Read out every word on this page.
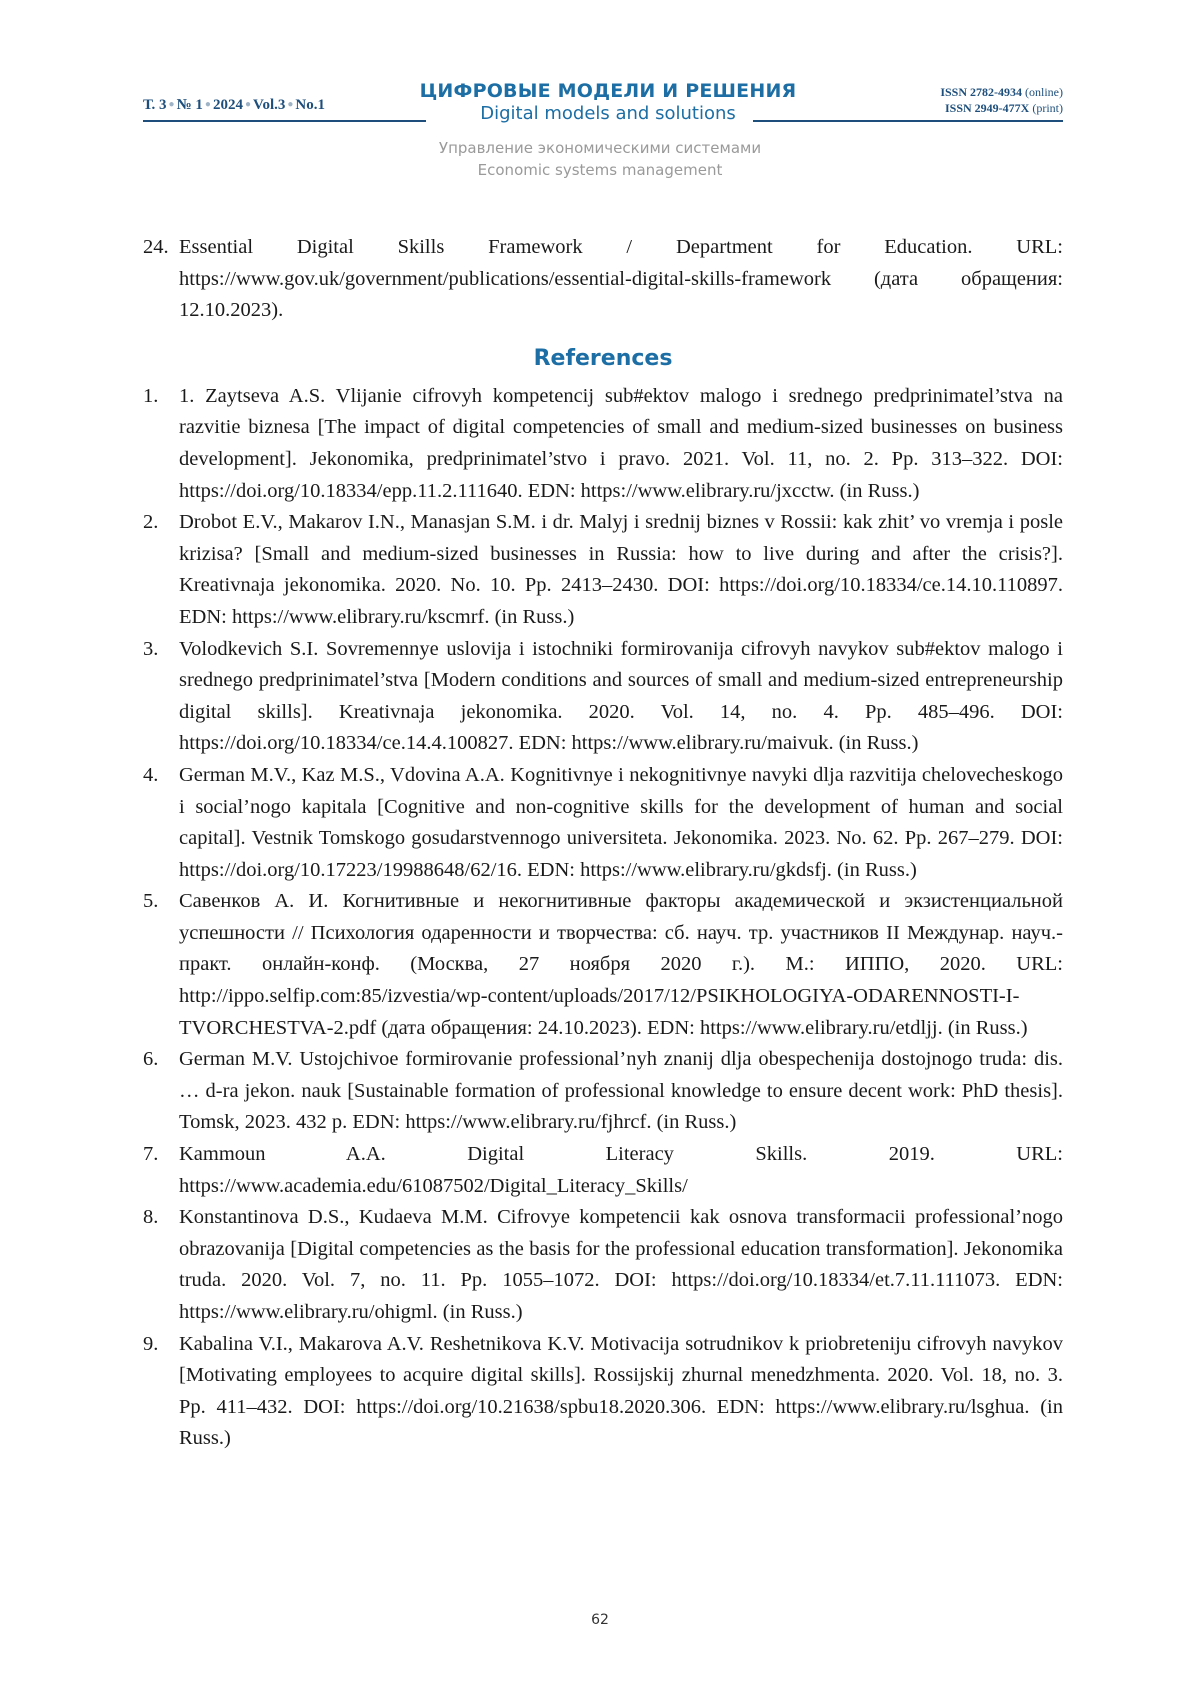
Т. 3 ● № 1 ● 2024 ● Vol.3 ● No.1
ЦИФРОВЫЕ МОДЕЛИ И РЕШЕНИЯ
Digital models and solutions
ISSN 2782-4934 (online)
ISSN 2949-477X (print)
Управление экономическими системами
Economic systems management
24. Essential Digital Skills Framework / Department for Education. URL: https://www.gov.uk/government/publications/essential-digital-skills-framework (дата обращения: 12.10.2023).
References
1. 1. Zaytseva A.S. Vlijanie cifrovyh kompetencij sub#ektov malogo i srednego predprinimatel’stva na razvitie biznesa [The impact of digital competencies of small and medium-sized businesses on business development]. Jekonomika, predprinimatel’stvo i pravo. 2021. Vol. 11, no. 2. Pp. 313–322. DOI: https://doi.org/10.18334/epp.11.2.111640. EDN: https://www.elibrary.ru/jxcctw. (in Russ.)
2. Drobot E.V., Makarov I.N., Manasjan S.M. i dr. Malyj i srednij biznes v Rossii: kak zhit’ vo vremja i posle krizisa? [Small and medium-sized businesses in Russia: how to live during and after the crisis?]. Kreativnaja jekonomika. 2020. No. 10. Pp. 2413–2430. DOI: https://doi.org/10.18334/ce.14.10.110897. EDN: https://www.elibrary.ru/kscmrf. (in Russ.)
3. Volodkevich S.I. Sovremennye uslovija i istochniki formirovanija cifrovyh navykov sub#ektov malogo i srednego predprinimatel’stva [Modern conditions and sources of small and medium-sized entrepreneurship digital skills]. Kreativnaja jekonomika. 2020. Vol. 14, no. 4. Pp. 485–496. DOI: https://doi.org/10.18334/ce.14.4.100827. EDN: https://www.elibrary.ru/maivuk. (in Russ.)
4. German M.V., Kaz M.S., Vdovina A.A. Kognitivnye i nekognitivnye navyki dlja razvitija chelovecheskogo i social’nogo kapitala [Cognitive and non-cognitive skills for the development of human and social capital]. Vestnik Tomskogo gosudarstvennogo universiteta. Jekonomika. 2023. No. 62. Pp. 267–279. DOI: https://doi.org/10.17223/19988648/62/16. EDN: https://www.elibrary.ru/gkdsfj. (in Russ.)
5. Савенков А. И. Когнитивные и некогнитивные факторы академической и экзистенциальной успешности // Психология одаренности и творчества: сб. науч. тр. участников II Междунар. науч.-практ. онлайн-конф. (Москва, 27 ноября 2020 г.). М.: ИППО, 2020. URL: http://ippo.selfip.com:85/izvestia/wp-content/uploads/2017/12/PSIKHOLOGIYA-ODARENNOSTI-I-TVORCHESTVA-2.pdf (дата обращения: 24.10.2023). EDN: https://www.elibrary.ru/etdljj. (in Russ.)
6. German M.V. Ustojchivoe formirovanie professional’nyh znanij dlja obespechenija dostojnogo truda: dis. … d-ra jekon. nauk [Sustainable formation of professional knowledge to ensure decent work: PhD thesis]. Tomsk, 2023. 432 p. EDN: https://www.elibrary.ru/fjhrcf. (in Russ.)
7. Kammoun A.A. Digital Literacy Skills. 2019. URL: https://www.academia.edu/61087502/Digital_Literacy_Skills/
8. Konstantinova D.S., Kudaeva M.M. Cifrovye kompetencii kak osnova transformacii professional’nogo obrazovanija [Digital competencies as the basis for the professional education transformation]. Jekonomika truda. 2020. Vol. 7, no. 11. Pp. 1055–1072. DOI: https://doi.org/10.18334/et.7.11.111073. EDN: https://www.elibrary.ru/ohigml. (in Russ.)
9. Kabalina V.I., Makarova A.V. Reshetnikova K.V. Motivacija sotrudnikov k priobreteniju cifrovyh navykov [Motivating employees to acquire digital skills]. Rossijskij zhurnal menedzhmenta. 2020. Vol. 18, no. 3. Pp. 411–432. DOI: https://doi.org/10.21638/spbu18.2020.306. EDN: https://www.elibrary.ru/lsghua. (in Russ.)
62
